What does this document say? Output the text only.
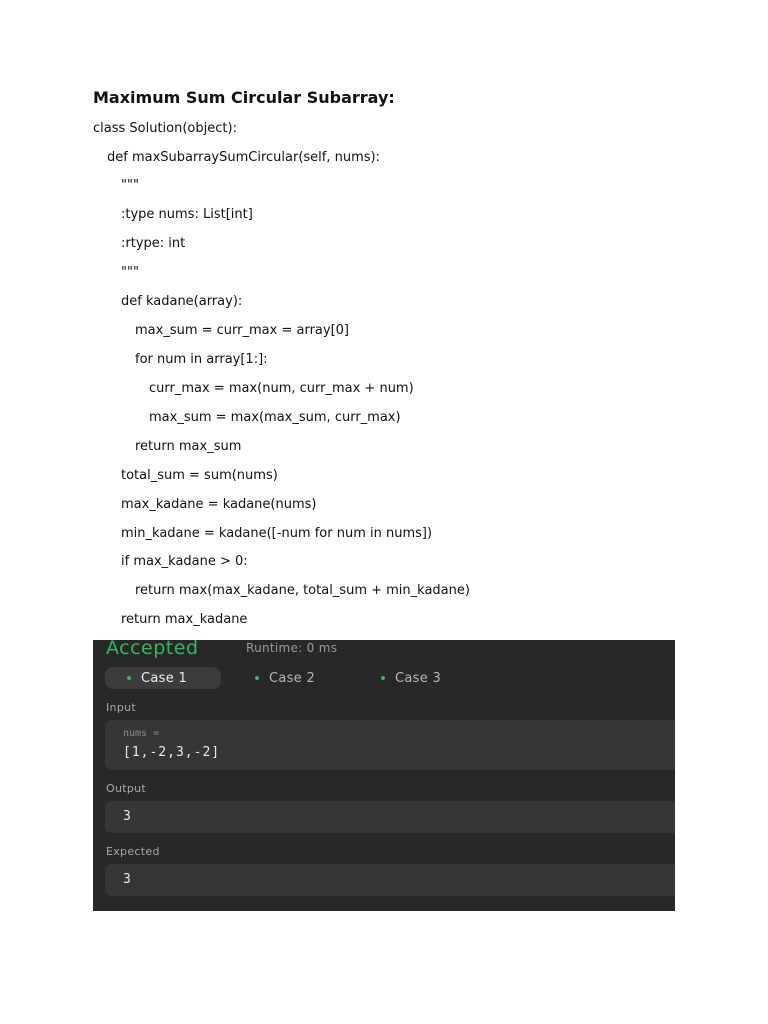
Maximum Sum Circular Subarray:
class Solution(object):
def maxSubarraySumCircular(self, nums):
"""
:type nums: List[int]
:rtype: int
"""
def kadane(array):
max_sum = curr_max = array[0]
for num in array[1:]:
curr_max = max(num, curr_max + num)
max_sum = max(max_sum, curr_max)
return max_sum
total_sum = sum(nums)
max_kadane = kadane(nums)
min_kadane = kadane([-num for num in nums])
if max_kadane > 0:
return max(max_kadane, total_sum + min_kadane)
return max_kadane
Accepted	Runtime: 0 ms
Case 1	Case 2	Case 3
Input
nums =
[1,-2,3,-2]
Output
3
Expected
3
